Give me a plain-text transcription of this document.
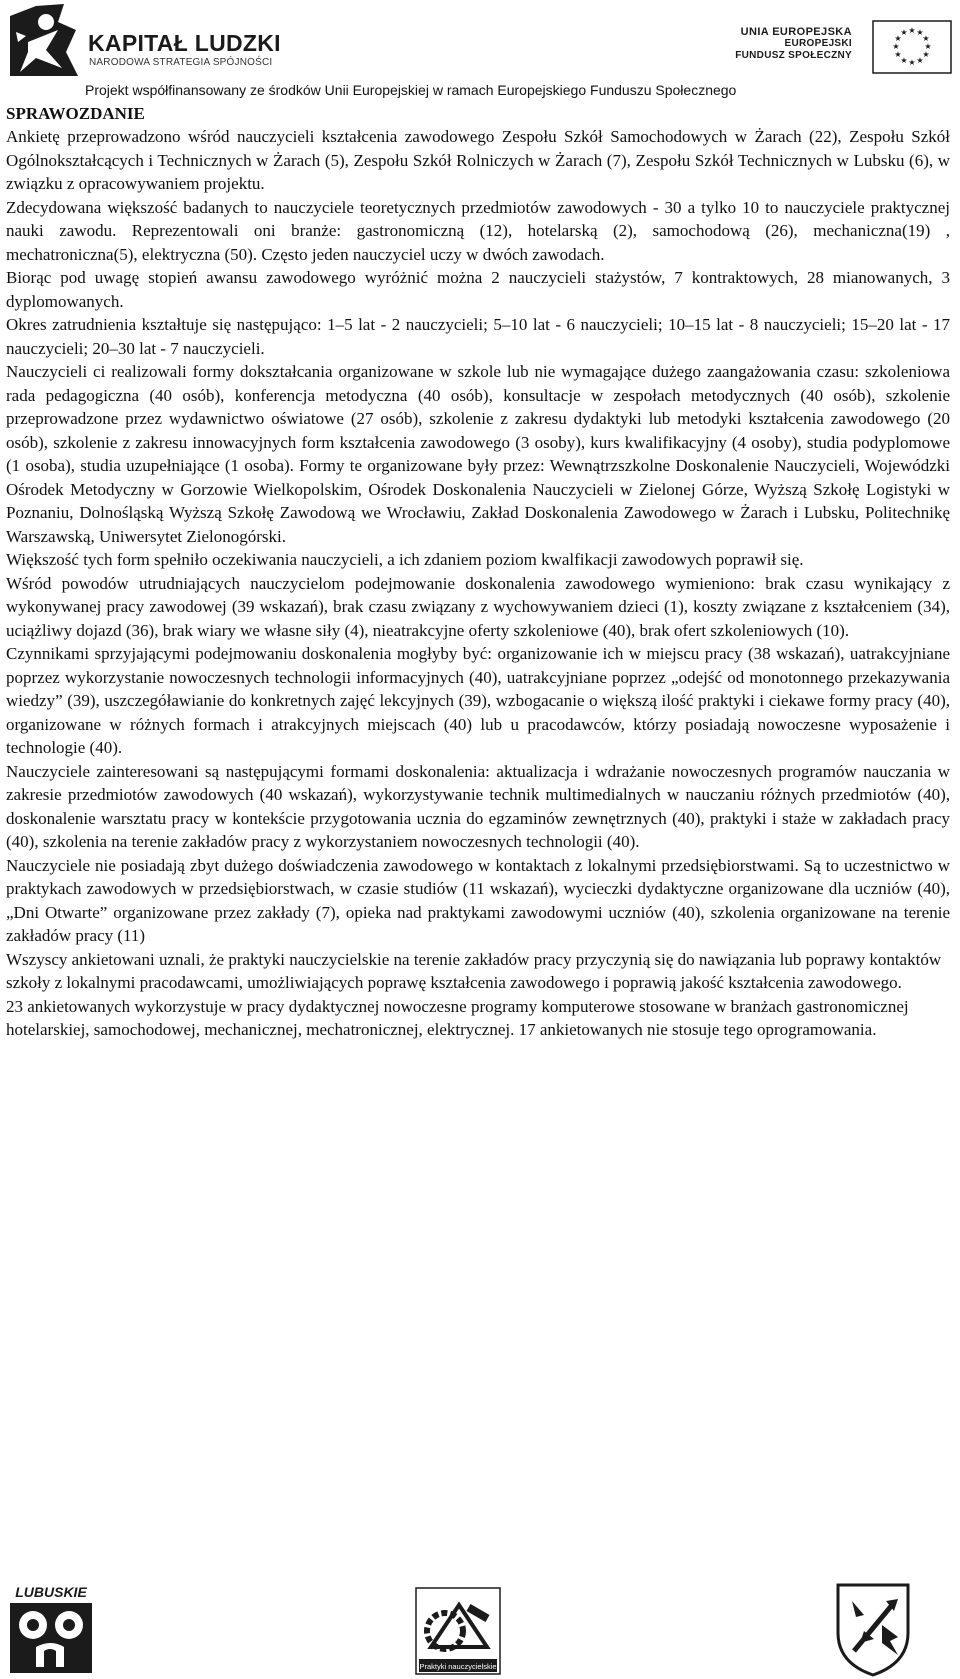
KAPITAŁ LUDZKI
NARODOWA STRATEGIA SPÓJNOŚCI
UNIA EUROPEJSKA
EUROPEJSKI
FUNDUSZ SPOŁECZNY
★ ★
★
★
★
★
★
★
★
★
★
★
Projekt współfinansowany ze środków Unii Europejskiej w ramach Europejskiego Funduszu Społecznego
SPRAWOZDANIE

Ankietę przeprowadzono wśród nauczycieli kształcenia zawodowego Zespołu Szkół Samochodowych w Żarach (22), Zespołu Szkół Ogólnokształcących i Technicznych w Żarach (5), Zespołu Szkół Rolniczych w Żarach (7), Zespołu Szkół Technicznych w Lubsku (6), w związku z opracowywaniem projektu.

Zdecydowana większość badanych to nauczyciele teoretycznych przedmiotów zawodowych - 30 a tylko 10 to nauczyciele praktycznej nauki zawodu. Reprezentowali oni branże: gastronomiczną (12), hotelarską (2), samochodową (26), mechaniczna(19) , mechatroniczna(5), elektryczna (50). Często jeden nauczyciel uczy w dwóch zawodach.

Biorąc pod uwagę stopień awansu zawodowego wyróżnić można 2 nauczycieli stażystów, 7 kontraktowych, 28 mianowanych, 3 dyplomowanych.

Okres zatrudnienia kształtuje się następująco: 1–5 lat - 2 nauczycieli; 5–10 lat - 6 nauczycieli; 10–15 lat - 8 nauczycieli; 15–20 lat - 17 nauczycieli; 20–30 lat - 7 nauczycieli.

Nauczycieli ci realizowali formy dokształcania organizowane w szkole lub nie wymagające dużego zaangażowania czasu: szkoleniowa rada pedagogiczna (40 osób), konferencja metodyczna (40 osób), konsultacje w zespołach metodycznych (40 osób), szkolenie przeprowadzone przez wydawnictwo oświatowe (27 osób), szkolenie z zakresu dydaktyki lub metodyki kształcenia zawodowego (20 osób), szkolenie z zakresu innowacyjnych form kształcenia zawodowego (3 osoby), kurs kwalifikacyjny (4 osoby), studia podyplomowe (1 osoba), studia uzupełniające (1 osoba). Formy te organizowane były przez: Wewnątrzszkolne Doskonalenie Nauczycieli, Wojewódzki Ośrodek Metodyczny w Gorzowie Wielkopolskim, Ośrodek Doskonalenia Nauczycieli w Zielonej Górze, Wyższą Szkołę Logistyki w Poznaniu, Dolnośląską Wyższą Szkołę Zawodową we Wrocławiu, Zakład Doskonalenia Zawodowego w Żarach i Lubsku, Politechnikę Warszawską, Uniwersytet Zielonogórski.

Większość tych form spełniło oczekiwania nauczycieli, a ich zdaniem poziom kwalfikacji zawodowych poprawił się.

Wśród powodów utrudniających nauczycielom podejmowanie doskonalenia zawodowego wymieniono: brak czasu wynikający z wykonywanej pracy zawodowej (39 wskazań), brak czasu związany z wychowywaniem dzieci (1), koszty związane z kształceniem (34), uciążliwy dojazd (36), brak wiary we własne siły (4), nieatrakcyjne oferty szkoleniowe (40), brak ofert szkoleniowych (10).

Czynnikami sprzyjającymi podejmowaniu doskonalenia mogłyby być: organizowanie ich w miejscu pracy (38 wskazań), uatrakcyjniane poprzez wykorzystanie nowoczesnych technologii informacyjnych (40), uatrakcyjniane poprzez „odejść od monotonnego przekazywania wiedzy” (39), uszczegóławianie do konkretnych zajęć lekcyjnych (39), wzbogacanie o większą ilość praktyki i ciekawe formy pracy (40), organizowane w różnych formach i atrakcyjnych miejscach (40) lub u pracodawców, którzy posiadają nowoczesne wyposażenie i technologie (40).

Nauczyciele zainteresowani są następującymi formami doskonalenia: aktualizacja i wdrażanie nowoczesnych programów nauczania w zakresie przedmiotów zawodowych (40 wskazań), wykorzystywanie technik multimedialnych w nauczaniu różnych przedmiotów (40), doskonalenie warsztatu pracy w kontekście przygotowania ucznia do egzaminów zewnętrznych (40), praktyki i staże w zakładach pracy (40), szkolenia na terenie zakładów pracy z wykorzystaniem nowoczesnych technologii (40).

Nauczyciele nie posiadają zbyt dużego doświadczenia zawodowego w kontaktach z lokalnymi przedsiębiorstwami. Są to uczestnictwo w praktykach zawodowych w przedsiębiorstwach, w czasie studiów (11 wskazań), wycieczki dydaktyczne organizowane dla uczniów (40), „Dni Otwarte” organizowane przez zakłady (7), opieka nad praktykami zawodowymi uczniów (40), szkolenia organizowane na terenie zakładów pracy (11)

Wszyscy ankietowani uznali, że praktyki nauczycielskie na terenie zakładów pracy przyczynią się do nawiązania lub poprawy kontaktów szkoły z lokalnymi pracodawcami, umożliwiających poprawę kształcenia zawodowego i poprawią jakość kształcenia zawodowego.

23 ankietowanych wykorzystuje w pracy dydaktycznej nowoczesne programy komputerowe stosowane w branżach gastronomicznej hotelarskiej, samochodowej, mechanicznej, mechatronicznej, elektrycznej. 17 ankietowanych nie stosuje tego oprogramowania.

LUBUSKIE
Praktyki nauczycielskie
